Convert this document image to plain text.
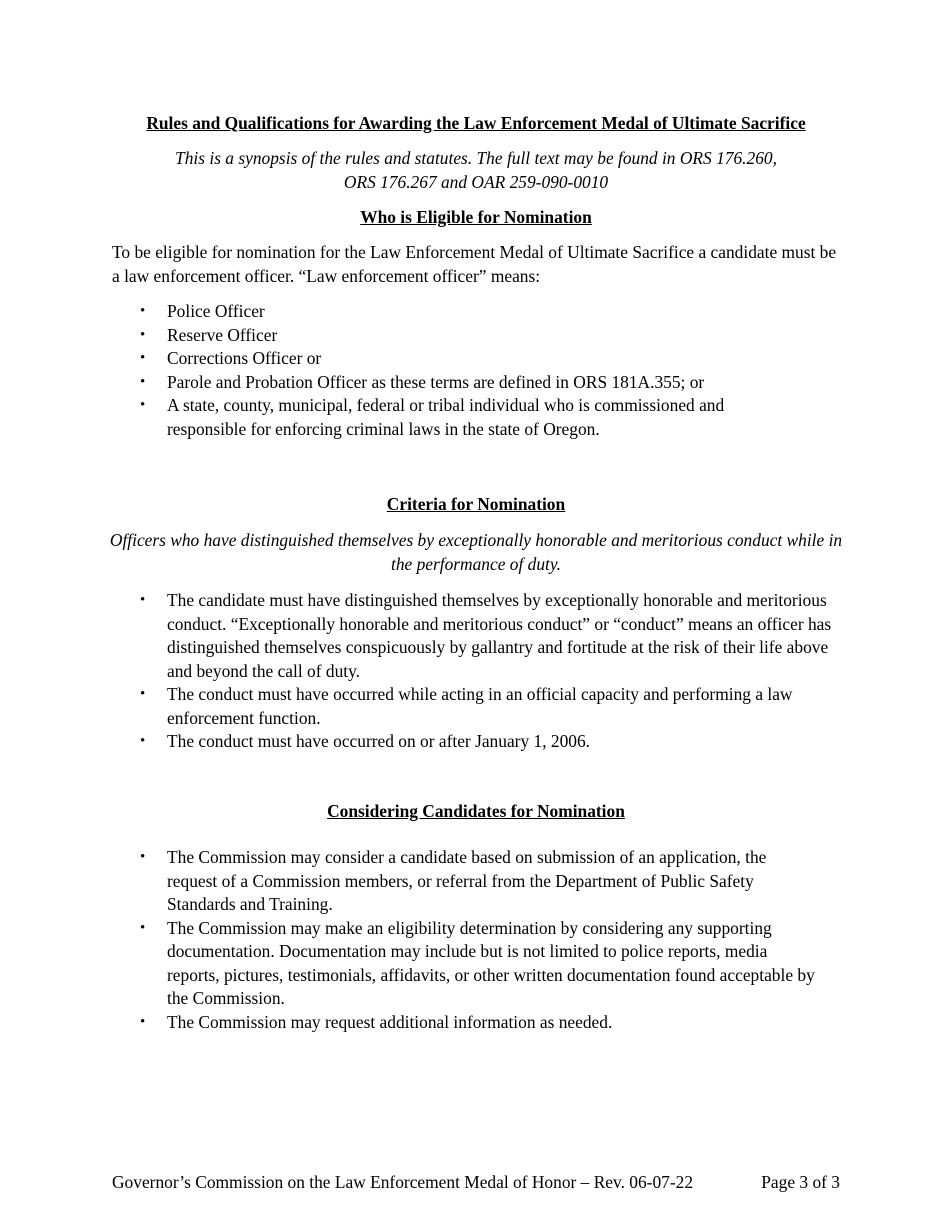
Rules and Qualifications for Awarding the Law Enforcement Medal of Ultimate Sacrifice
This is a synopsis of the rules and statutes. The full text may be found in ORS 176.260,
ORS 176.267 and OAR 259-090-0010
Who is Eligible for Nomination
To be eligible for nomination for the Law Enforcement Medal of Ultimate Sacrifice a candidate must be a law enforcement officer. “Law enforcement officer” means:
• Police Officer
• Reserve Officer
• Corrections Officer or
• Parole and Probation Officer as these terms are defined in ORS 181A.355; or
• A state, county, municipal, federal or tribal individual who is commissioned and responsible for enforcing criminal laws in the state of Oregon.
Criteria for Nomination
Officers who have distinguished themselves by exceptionally honorable and meritorious conduct while in the performance of duty.
• The candidate must have distinguished themselves by exceptionally honorable and meritorious conduct. “Exceptionally honorable and meritorious conduct” or “conduct” means an officer has distinguished themselves conspicuously by gallantry and fortitude at the risk of their life above and beyond the call of duty.
• The conduct must have occurred while acting in an official capacity and performing a law enforcement function.
• The conduct must have occurred on or after January 1, 2006.
Considering Candidates for Nomination
• The Commission may consider a candidate based on submission of an application, the request of a Commission members, or referral from the Department of Public Safety Standards and Training.
• The Commission may make an eligibility determination by considering any supporting documentation. Documentation may include but is not limited to police reports, media reports, pictures, testimonials, affidavits, or other written documentation found acceptable by the Commission.
• The Commission may request additional information as needed.
Governor’s Commission on the Law Enforcement Medal of Honor – Rev. 06-07-22	Page 3 of 3
